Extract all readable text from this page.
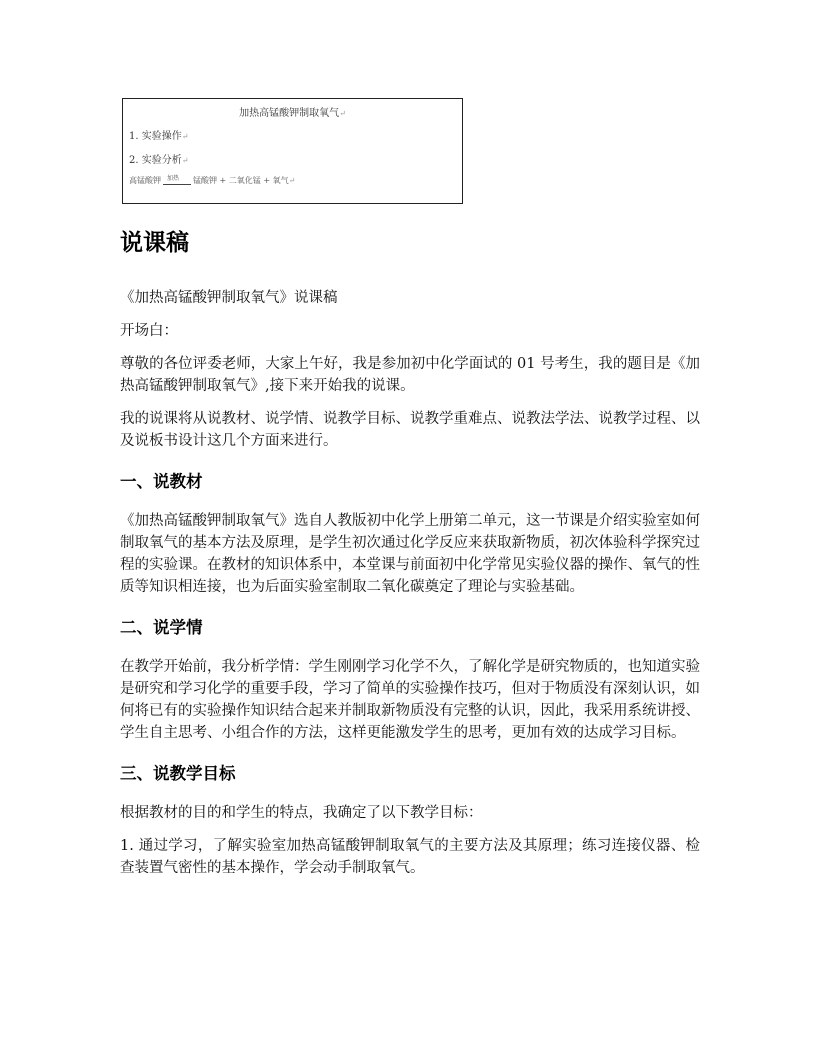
加热高锰酸钾制取氧气↵
1. 实验操作↵
2. 实验分析↵
高锰酸钾 加热 锰酸钾 + 二氧化锰 + 氧气↵
说课稿

《加热高锰酸钾制取氧气》说课稿

开场白：

尊敬的各位评委老师，大家上午好，我是参加初中化学面试的 01 号考生，我的题目是《加热高锰酸钾制取氧气》,接下来开始我的说课。

我的说课将从说教材、说学情、说教学目标、说教学重难点、说教法学法、说教学过程、以及说板书设计这几个方面来进行。

一、说教材

《加热高锰酸钾制取氧气》选自人教版初中化学上册第二单元，这一节课是介绍实验室如何制取氧气的基本方法及原理，是学生初次通过化学反应来获取新物质，初次体验科学探究过程的实验课。在教材的知识体系中，本堂课与前面初中化学常见实验仪器的操作、氧气的性质等知识相连接，也为后面实验室制取二氧化碳奠定了理论与实验基础。

二、说学情

在教学开始前，我分析学情：学生刚刚学习化学不久，了解化学是研究物质的，也知道实验是研究和学习化学的重要手段，学习了简单的实验操作技巧，但对于物质没有深刻认识，如何将已有的实验操作知识结合起来并制取新物质没有完整的认识，因此，我采用系统讲授、学生自主思考、小组合作的方法，这样更能激发学生的思考，更加有效的达成学习目标。

三、说教学目标

根据教材的目的和学生的特点，我确定了以下教学目标：

1. 通过学习，了解实验室加热高锰酸钾制取氧气的主要方法及其原理；练习连接仪器、检查装置气密性的基本操作，学会动手制取氧气。
